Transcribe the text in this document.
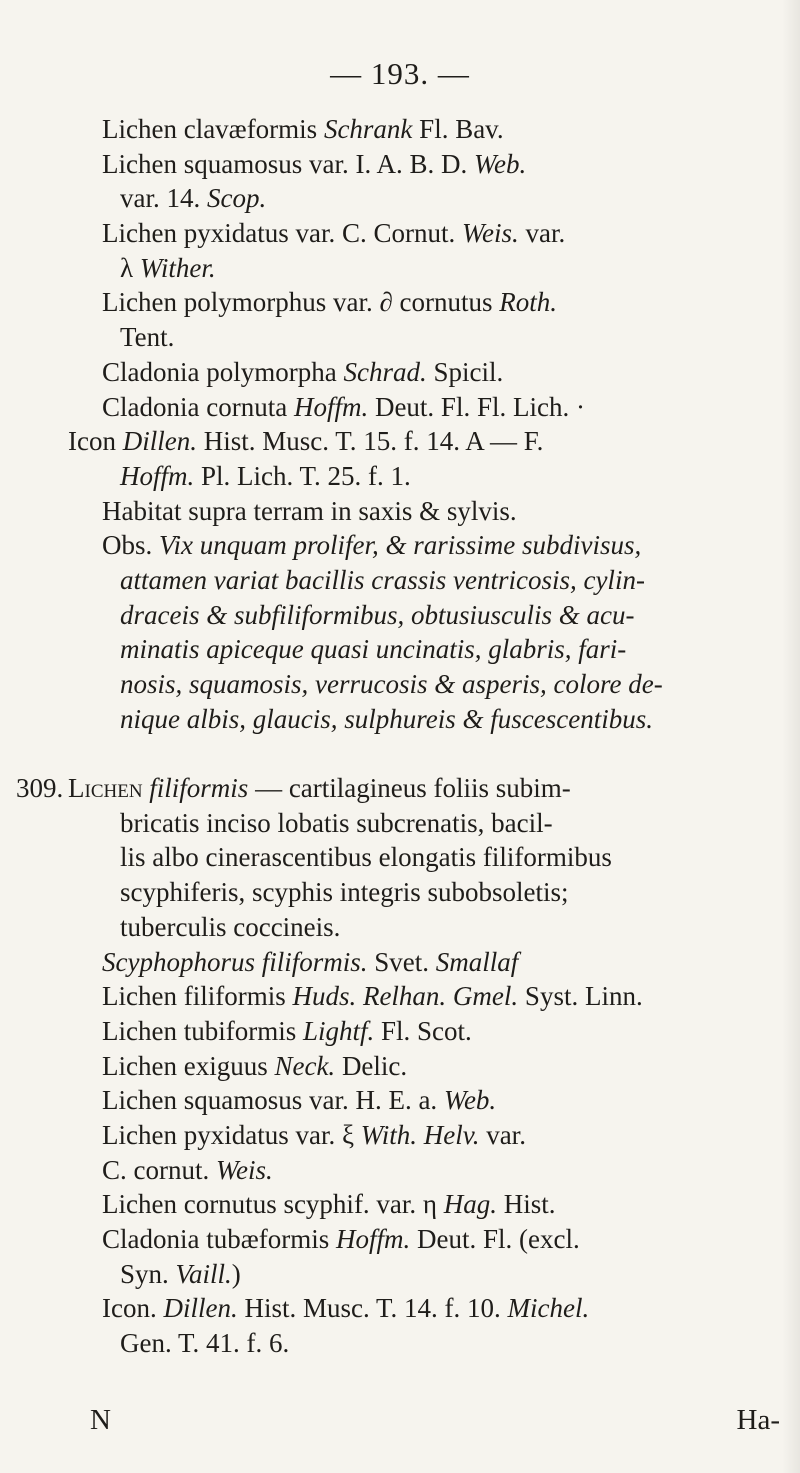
— 193. —
Lichen clavæformis Schrank Fl. Bav.
Lichen squamosus var. I. A. B. D. Web.
var. 14. Scop.
Lichen pyxidatus var. C. Cornut. Weis. var.
λ Wither.
Lichen polymorphus var. ∂ cornutus Roth.
Tent.
Cladonia polymorpha Schrad. Spicil.
Cladonia cornuta Hoffm. Deut. Fl. Fl. Lich. ·
Icon Dillen. Hist. Musc. T. 15. f. 14. A — F.
Hoffm. Pl. Lich. T. 25. f. 1.
Habitat supra terram in saxis & sylvis.
Obs. Vix unquam prolifer, & rarissime subdivisus,
attamen variat bacillis crassis ventricosis, cylin-
draceis & subfiliformibus, obtusiusculis & acu-
minatis apiceque quasi uncinatis, glabris, fari-
nosis, squamosis, verrucosis & asperis, colore de-
nique albis, glaucis, sulphureis & fuscescentibus.
309. Lichen filiformis — cartilagineus foliis subim-
bricatis inciso lobatis subcrenatis, bacil-
lis albo cinerascentibus elongatis filiformibus
scyphiferis, scyphis integris subobsoletis;
tuberculis coccineis.
Scyphophorus filiformis. Svet. Smallaf
Lichen filiformis Huds. Relhan. Gmel. Syst. Linn.
Lichen tubiformis Lightf. Fl. Scot.
Lichen exiguus Neck. Delic.
Lichen squamosus var. H. E. a. Web.
Lichen pyxidatus var. ξ With. Helv. var.
C. cornut. Weis.
Lichen cornutus scyphif. var. η Hag. Hist.
Cladonia tubæformis Hoffm. Deut. Fl. (excl.
Syn. Vaill.)
Icon. Dillen. Hist. Musc. T. 14. f. 10. Michel.
Gen. T. 41. f. 6.
N	Ha-
